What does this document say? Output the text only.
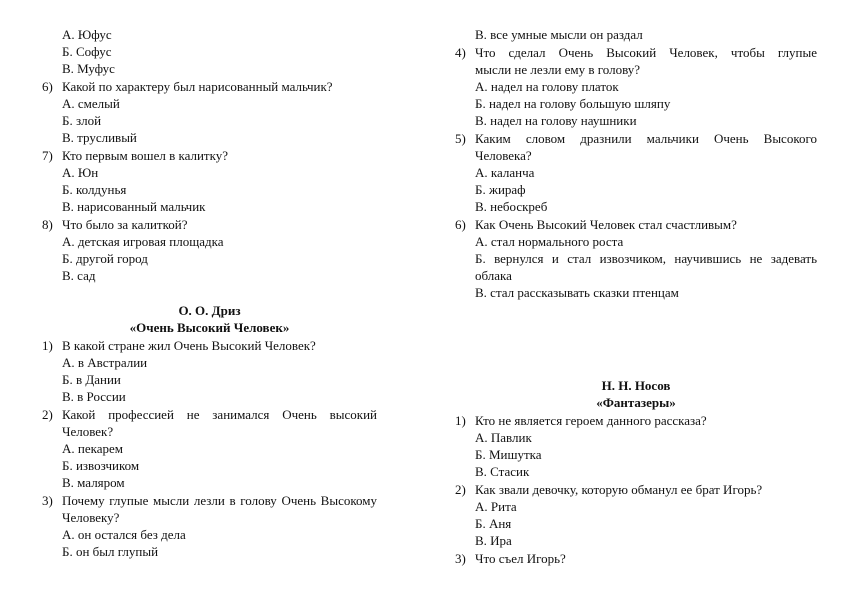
А. Юфус
Б. Софус
В. Муфус
6) Какой по характеру был нарисованный мальчик?
А. смелый
Б. злой
В. трусливый
7) Кто первым вошел в калитку?
А. Юн
Б. колдунья
В. нарисованный мальчик
8) Что было за калиткой?
А. детская игровая площадка
Б. другой город
В. сад
О. О. Дриз
«Очень Высокий Человек»
1) В какой стране жил Очень Высокий Человек?
А. в Австралии
Б. в Дании
В. в России
2) Какой профессией не занимался Очень высокий
Человек?
А. пекарем
Б. извозчиком
В. маляром
3) Почему глупые мысли лезли в голову Очень Высокому
Человеку?
А. он остался без дела
Б. он был глупый
В. все умные мысли он раздал
4) Что сделал Очень Высокий Человек, чтобы глупые
мысли не лезли ему в голову?
А. надел на голову платок
Б. надел на голову большую шляпу
В. надел на голову наушники
5) Каким словом дразнили мальчики Очень Высокого
Человека?
А. каланча
Б. жираф
В. небоскреб
6) Как Очень Высокий Человек стал счастливым?
А. стал нормального роста
Б. вернулся и стал извозчиком, научившись не задевать
облака
В. стал рассказывать сказки птенцам
Н. Н. Носов
«Фантазеры»
1) Кто не является героем данного рассказа?
А. Павлик
Б. Мишутка
В. Стасик
2) Как звали девочку, которую обманул ее брат Игорь?
А. Рита
Б. Аня
В. Ира
3) Что съел Игорь?
